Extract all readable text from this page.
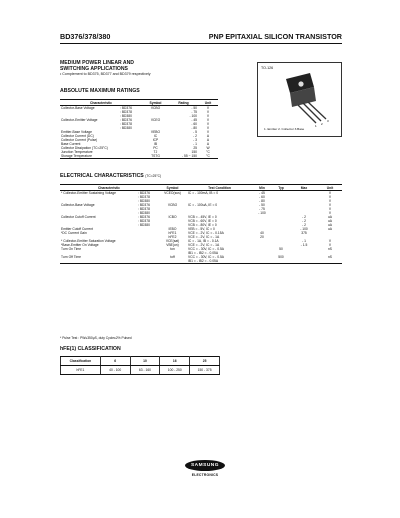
BD376/378/380	PNP EPITAXIAL SILICON TRANSISTOR
MEDIUM POWER LINEAR AND
SWITCHING APPLICATIONS
• Complement to BD375, BD377 and BD379 respectively
TO-126
1 2
3
1. Emitter 2. Collector 3.Base
ABSOLUTE MAXIMUM RATINGS
Characteristic		Symbol	Rating	Unit
Collector-Base Voltage	: BD376	VCBO	- 50	V
	: BD378		- 75	V
	: BD380		- 100	V
Collector-Emitter Voltage	: BD376	VCEO	- 45	V
	: BD378		- 60	V
	: BD380		- 80	V
Emitter-Base Voltage		VEBO	- 5	V
Collector Current (DC)		IC	- 2	A
Collector Current (Pulse)		ICP	- 3	A
Base Current		IB	- 1	A
Collector Dissipation (TC=25°C)		PC	25	W
Junction Temperature		TJ	150	°C
Storage Temperature		TSTG	- 55 ~ 150	°C
ELECTRICAL CHARACTERISTICS (TC=25°C)
Characteristic		Symbol	Test Condition	Min	Typ	Max	Unit
* Collector-Emitter Sustaining Voltage	: BD376	VCEO(sus)	IC = - 100mA, IB = 0	- 45			V
	: BD378			- 60			V
	: BD380			- 80			V
Collector-Base Voltage	: BD376	VCBO	IC = - 100uA, IE = 0	- 50			V
	: BD378			- 75			V
	: BD380			- 100			V
Collector Cutoff Current	: BD376	ICBO	VCB = - 45V, IE = 0			- 2	uA
	: BD378		VCB = - 60V, IE = 0			- 2	uA
	: BD380		VCB = - 80V, IE = 0			- 2	uA
Emitter Cutoff Current		IEBO	VEB = - 5V, IC = 0			- 100	uA
*DC Current Gain		hFE1	VCE = - 2V, IC = - 0.15A	40		375	
		hFE2	VCE = - 2V, IC = - 1A	20			
* Collector-Emitter Saturation Voltage		VCE(sat)	IC = - 1A, IB = - 0.1A			- 1	V
*Base-Emitter On Voltage		VBE(on)	VCE = - 2V, IC = - 1A			- 1.5	V
Turn On Time		ton	VCC = - 30V, IC = - 0.5A		50		nS
			IB1 = - IB2 = - 0.05A				
Turn Off Time		toff	VCC = - 30V, IC = - 0.5A		500		nS
			IB1 = - IB2 = - 0.05A				
* Pulse Test : PW≤350μS, duty Cycle≤2% Pulsed
hFE(1) CLASSIFICATION
Classification	6	10	16	25
hFE1	40 - 100	63 - 160	100 - 250	150 - 375
SAMSUNG
ELECTRONICS
